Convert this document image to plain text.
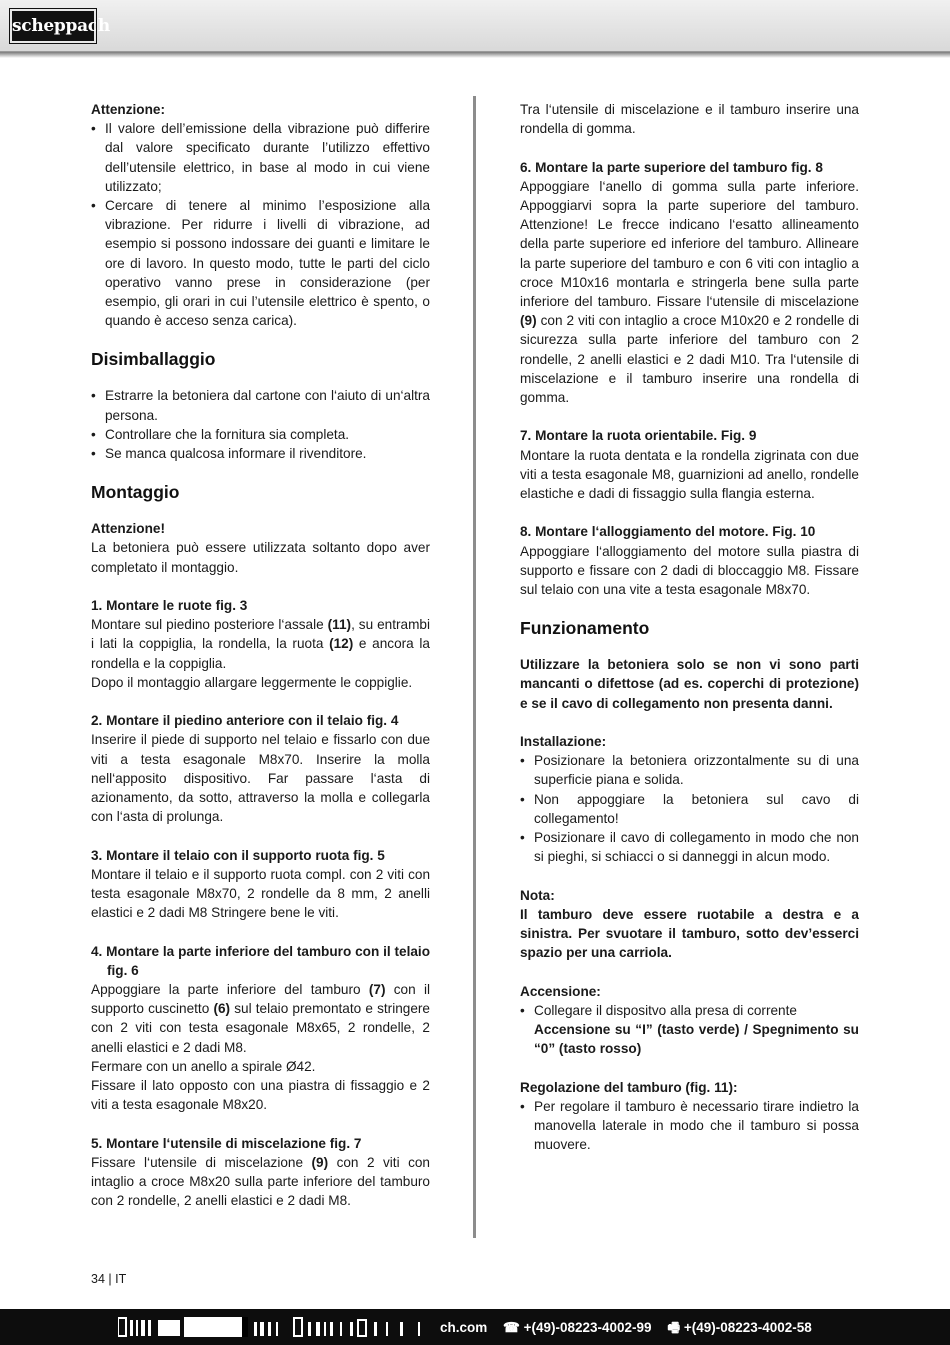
scheppach

Attenzione:

• Il valore dell’emissione della vibrazione può differire dal valore specificato durante l’utilizzo effettivo dell’utensile elettrico, in base al modo in cui viene utilizzato;
• Cercare di tenere al minimo l’esposizione alla vibrazione. Per ridurre i livelli di vibrazione, ad esempio si possono indossare dei guanti e limitare le ore di lavoro. In questo modo, tutte le parti del ciclo operativo vanno prese in considerazione (per esempio, gli orari in cui l’utensile elettrico è spento, o quando è acceso senza carica).
Disimballaggio
• Estrarre la betoniera dal cartone con l‘aiuto di un‘altra persona.
• Controllare che la fornitura sia completa.
• Se manca qualcosa informare il rivenditore.
Montaggio

Attenzione!

La betoniera può essere utilizzata soltanto dopo aver completato il montaggio.

1. Montare le ruote fig. 3

Montare sul piedino posteriore l‘assale (11), su entrambi i lati la coppiglia, la rondella, la ruota (12) e ancora la rondella e la coppiglia.

Dopo il montaggio allargare leggermente le coppiglie.

2. Montare il piedino anteriore con il telaio fig. 4

Inserire il piede di supporto nel telaio e fissarlo con due viti a testa esagonale M8x70. Inserire la molla nell‘apposito dispositivo. Far passare l‘asta di azionamento, da sotto, attraverso la molla e collegarla con l‘asta di prolunga.

3. Montare il telaio con il supporto ruota fig. 5

Montare il telaio e il supporto ruota compl. con 2 viti con testa esagonale M8x70, 2 rondelle da 8 mm, 2 anelli elastici e 2 dadi M8 Stringere bene le viti.

4. Montare la parte inferiore del tamburo con il telaio fig. 6

Appoggiare la parte inferiore del tamburo (7) con il supporto cuscinetto (6) sul telaio premontato e stringere con 2 viti con testa esagonale M8x65, 2 rondelle, 2 anelli elastici e 2 dadi M8.

Fermare con un anello a spirale Ø42.

Fissare il lato opposto con una piastra di fissaggio e 2 viti a testa esagonale M8x20.

5. Montare l‘utensile di miscelazione fig. 7

Fissare l‘utensile di miscelazione (9) con 2 viti con intaglio a croce M8x20 sulla parte inferiore del tamburo con 2 rondelle, 2 anelli elastici e 2 dadi M8.

Tra l‘utensile di miscelazione e il tamburo inserire una rondella di gomma.

6. Montare la parte superiore del tamburo fig. 8

Appoggiare l‘anello di gomma sulla parte inferiore. Appoggiarvi sopra la parte superiore del tamburo. Attenzione! Le frecce indicano l‘esatto allineamento della parte superiore ed inferiore del tamburo. Allineare la parte superiore del tamburo e con 6 viti con intaglio a croce M10x16 montarla e stringerla bene sulla parte inferiore del tamburo. Fissare l‘utensile di miscelazione (9) con 2 viti con intaglio a croce M10x20 e 2 rondelle di sicurezza sulla parte inferiore del tamburo con 2 rondelle, 2 anelli elastici e 2 dadi M10. Tra l‘utensile di miscelazione e il tamburo inserire una rondella di gomma.

7. Montare la ruota orientabile. Fig. 9

Montare la ruota dentata e la rondella zigrinata con due viti a testa esagonale M8, guarnizioni ad anello, rondelle elastiche e dadi di fissaggio sulla flangia esterna.

8. Montare l‘alloggiamento del motore. Fig. 10

Appoggiare l‘alloggiamento del motore sulla piastra di supporto e fissare con 2 dadi di bloccaggio M8. Fissare sul telaio con una vite a testa esagonale M8x70.

Funzionamento

Utilizzare la betoniera solo se non vi sono parti mancanti o difettose (ad es. coperchi di protezione) e se il cavo di collegamento non presenta danni.

Installazione:

• Posizionare la betoniera orizzontalmente su di una superficie piana e solida.
• Non appoggiare la betoniera sul cavo di collegamento!
• Posizionare il cavo di collegamento in modo che non si pieghi, si schiacci o si danneggi in alcun modo.

Nota:

Il tamburo deve essere ruotabile a destra e a sinistra. Per svuotare il tamburo, sotto dev’esserci spazio per una carriola.

Accensione:

• Collegare il dispositvo alla presa di corrente
Accensione su “I” (tasto verde) / Spegnimento su “0” (tasto rosso)

Regolazione del tamburo (fig. 11):

• Per regolare il tamburo è necessario tirare indietro la manovella laterale in modo che il tamburo si possa muovere.
34 | IT
ch.com ☎ +(49)-08223-4002-99 🖷 +(49)-08223-4002-58
